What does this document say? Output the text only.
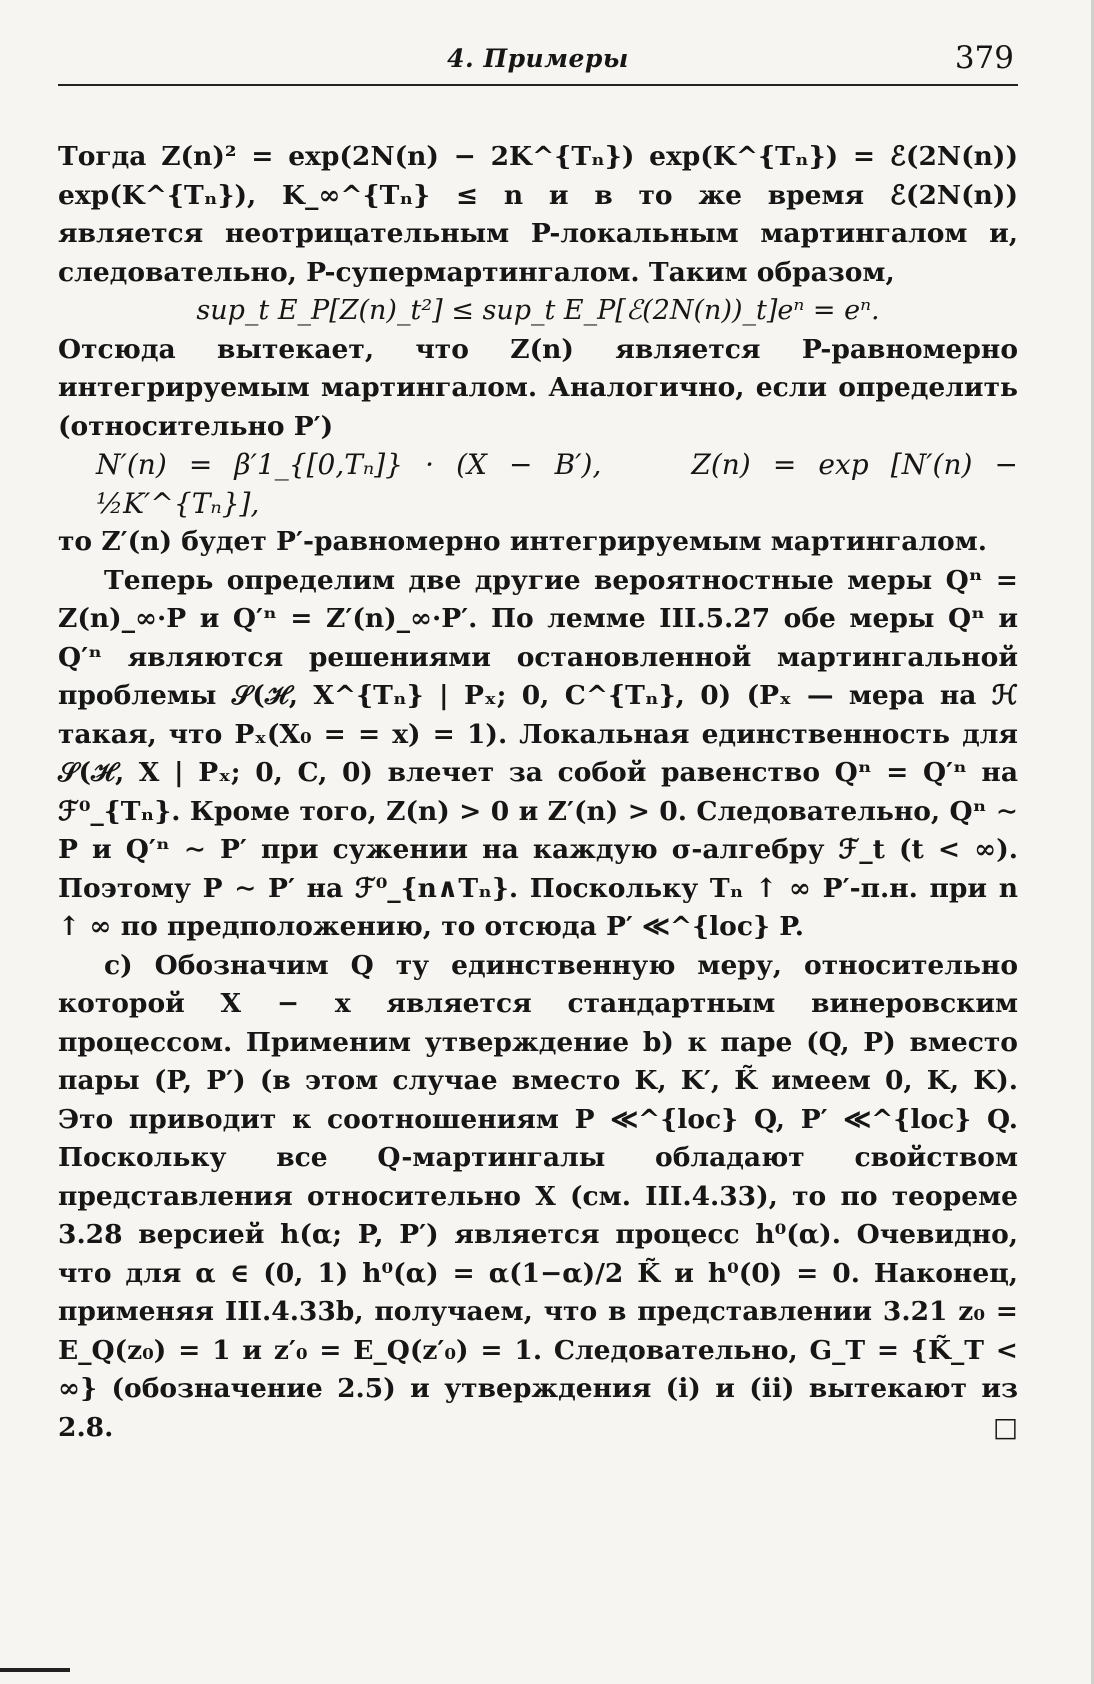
4. Примеры	379

Тогда Z(n)² = exp(2N(n) − 2K^{Tₙ}) exp(K^{Tₙ}) = ℰ(2N(n)) exp(K^{Tₙ}), K_∞^{Tₙ} ≤ n и в то же время ℰ(2N(n)) является неотрицательным P-локальным мартингалом и, следовательно, P-супермартингалом. Таким образом,

sup_t E_P[Z(n)_t²] ≤ sup_t E_P[ℰ(2N(n))_t]eⁿ = eⁿ.

Отсюда вытекает, что Z(n) является P-равномерно интегрируемым мартингалом. Аналогично, если определить (относительно P′)

N′(n) = β′1_{[0,Tₙ]} · (X − B′),	Z(n) = exp [N′(n) − ½K′^{Tₙ}],

то Z′(n) будет P′-равномерно интегрируемым мартингалом.

Теперь определим две другие вероятностные меры Qⁿ = Z(n)_∞·P и Q′ⁿ = Z′(n)_∞·P′. По лемме III.5.27 обе меры Qⁿ и Q′ⁿ являются решениями остановленной мартингальной проблемы 𝒮(ℋ, X^{Tₙ} | Pₓ; 0, C^{Tₙ}, 0) (Pₓ — мера на ℋ такая, что Pₓ(X₀ = = x) = 1). Локальная единственность для 𝒮(ℋ, X | Pₓ; 0, C, 0) влечет за собой равенство Qⁿ = Q′ⁿ на ℱ⁰_{Tₙ}. Кроме того, Z(n) > 0 и Z′(n) > 0. Следовательно, Qⁿ ∼ P и Q′ⁿ ∼ P′ при сужении на каждую σ-алгебру ℱ_t (t < ∞). Поэтому P ∼ P′ на ℱ⁰_{n∧Tₙ}. Поскольку Tₙ ↑ ∞ P′-п.н. при n ↑ ∞ по предположению, то отсюда P′ ≪^{loc} P.

c) Обозначим Q ту единственную меру, относительно которой X − x является стандартным винеровским процессом. Применим утверждение b) к паре (Q, P) вместо пары (P, P′) (в этом случае вместо K, K′, K̃ имеем 0, K, K). Это приводит к соотношениям P ≪^{loc} Q, P′ ≪^{loc} Q. Поскольку все Q-мартингалы обладают свойством представления относительно X (см. III.4.33), то по теореме 3.28 версией h(α; P, P′) является процесс h⁰(α). Очевидно, что для α ∈ (0, 1) h⁰(α) = α(1−α)/2 K̃ и h⁰(0) = 0. Наконец, применяя III.4.33b, получаем, что в представлении 3.21 z₀ = E_Q(z₀) = 1 и z′₀ = E_Q(z′₀) = 1. Следовательно, G_T = {K̃_T < ∞} (обозначение 2.5) и утверждения (i) и (ii) вытекают из 2.8.	□
